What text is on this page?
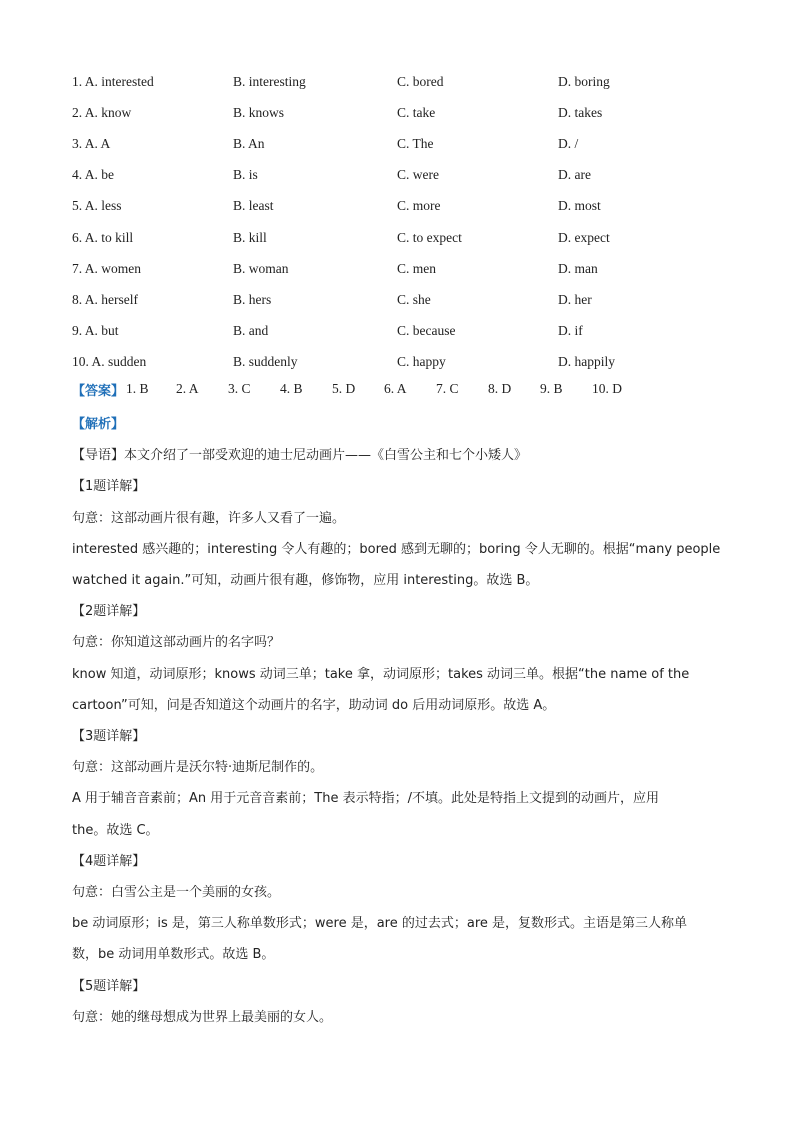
1. A. interested	B. interesting	C. bored	D. boring
2. A. know	B. knows	C. take	D. takes
3. A. A	B. An	C. The	D. /
4. A. be	B. is	C. were	D. are
5. A. less	B. least	C. more	D. most
6. A. to kill	B. kill	C. to expect	D. expect
7. A. women	B. woman	C. men	D. man
8. A. herself	B. hers	C. she	D. her
9. A. but	B. and	C. because	D. if
10. A. sudden	B. suddenly	C. happy	D. happily
【答案】 1. B 2. A 3. C 4. B 5. D 6. A 7. C 8. D 9. B 10. D
【解析】
【导语】本文介绍了一部受欢迎的迪士尼动画片——《白雪公主和七个小矮人》
【1题详解】
句意：这部动画片很有趣，许多人又看了一遍。
interested 感兴趣的；interesting 令人有趣的；bored 感到无聊的；boring 令人无聊的。根据“many people
watched it again.”可知，动画片很有趣，修饰物，应用 interesting。故选 B。
【2题详解】
句意：你知道这部动画片的名字吗？
know 知道，动词原形；knows 动词三单；take 拿，动词原形；takes 动词三单。根据“the name of the
cartoon”可知，问是否知道这个动画片的名字，助动词 do 后用动词原形。故选 A。
【3题详解】
句意：这部动画片是沃尔特·迪斯尼制作的。
A 用于辅音音素前；An 用于元音音素前；The 表示特指；/不填。此处是特指上文提到的动画片，应用
the。故选 C。
【4题详解】
句意：白雪公主是一个美丽的女孩。
be 动词原形；is 是，第三人称单数形式；were 是，are 的过去式；are 是，复数形式。主语是第三人称单
数，be 动词用单数形式。故选 B。
【5题详解】
句意：她的继母想成为世界上最美丽的女人。
